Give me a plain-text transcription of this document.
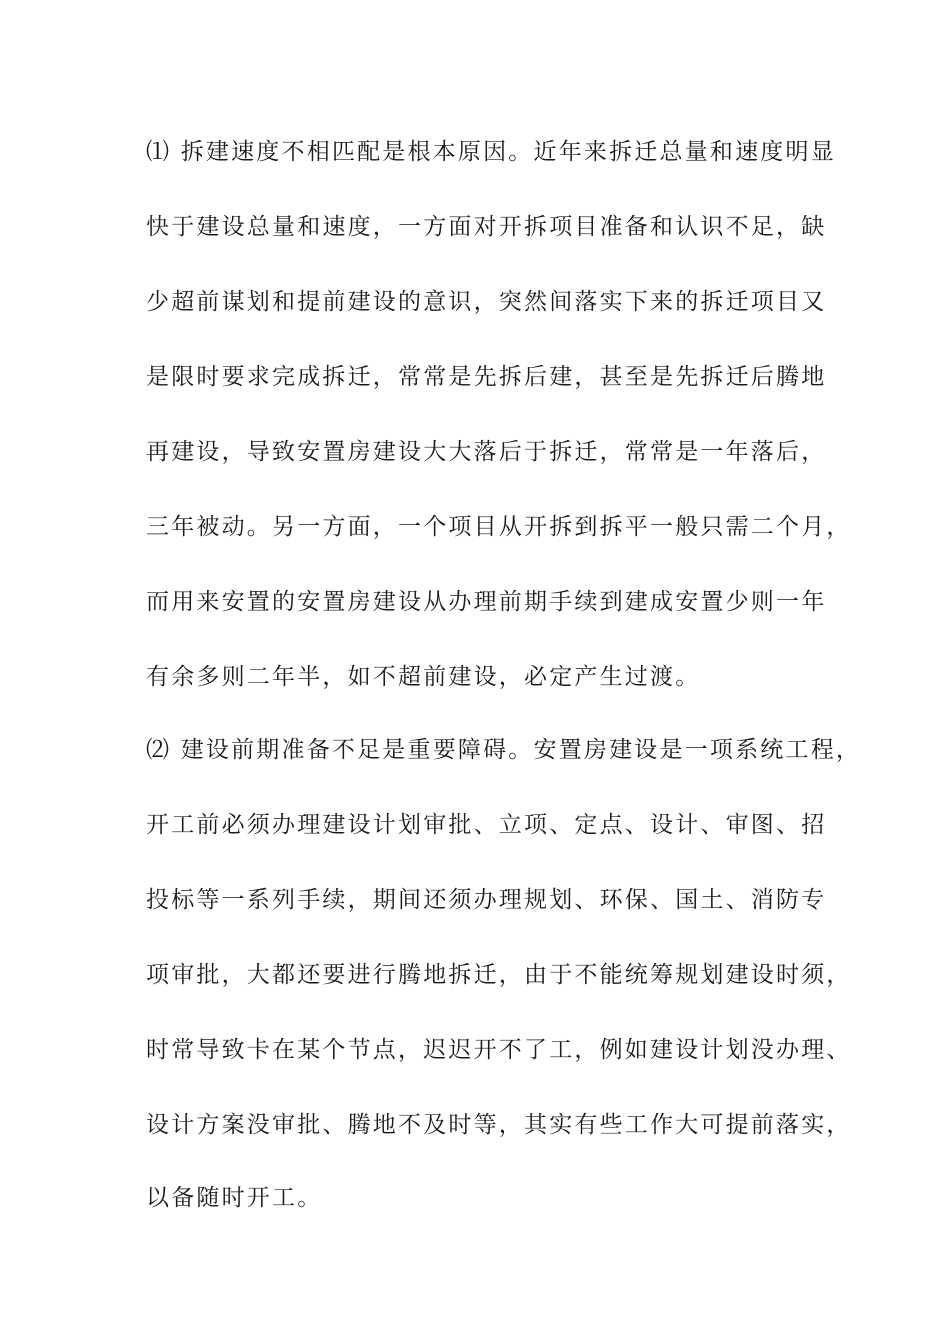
⑴ 拆建速度不相匹配是根本原因。近年来拆迁总量和速度明显
快于建设总量和速度，一方面对开拆项目准备和认识不足，缺
少超前谋划和提前建设的意识，突然间落实下来的拆迁项目又
是限时要求完成拆迁，常常是先拆后建，甚至是先拆迁后腾地
再建设，导致安置房建设大大落后于拆迁，常常是一年落后，
三年被动。另一方面，一个项目从开拆到拆平一般只需二个月，
而用来安置的安置房建设从办理前期手续到建成安置少则一年
有余多则二年半，如不超前建设，必定产生过渡。
⑵ 建设前期准备不足是重要障碍。安置房建设是一项系统工程，
开工前必须办理建设计划审批、立项、定点、设计、审图、招
投标等一系列手续，期间还须办理规划、环保、国土、消防专
项审批，大都还要进行腾地拆迁，由于不能统筹规划建设时须，
时常导致卡在某个节点，迟迟开不了工，例如建设计划没办理、
设计方案没审批、腾地不及时等，其实有些工作大可提前落实，
以备随时开工。
